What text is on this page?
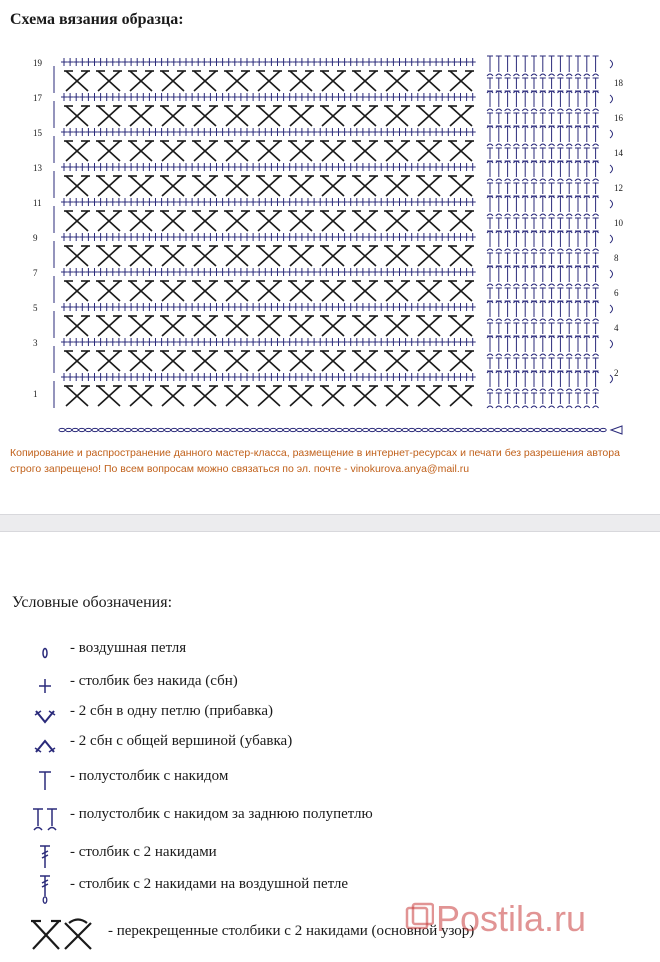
Схема вязания образца:
19
17
15
13
11
9
7
5
3
1
18
16
14
12
10
8
6
4
2
Копирование и распространение данного мастер-класса, размещение в интернет-ресурсах и печати без разрешения автора строго запрещено! По всем вопросам можно связаться по эл. почте - vinokurova.anya@mail.ru
Условные обозначения:
- воздушная петля
- столбик без накида (сбн)
- 2 сбн в одну петлю (прибавка)
- 2 сбн с общей вершиной (убавка)
- полустолбик с накидом
- полустолбик с накидом за заднюю полупетлю
- столбик с 2 накидами
- столбик с 2 накидами на воздушной петле
- перекрещенные столбики с 2 накидами (основной узор)
Postila.ru
